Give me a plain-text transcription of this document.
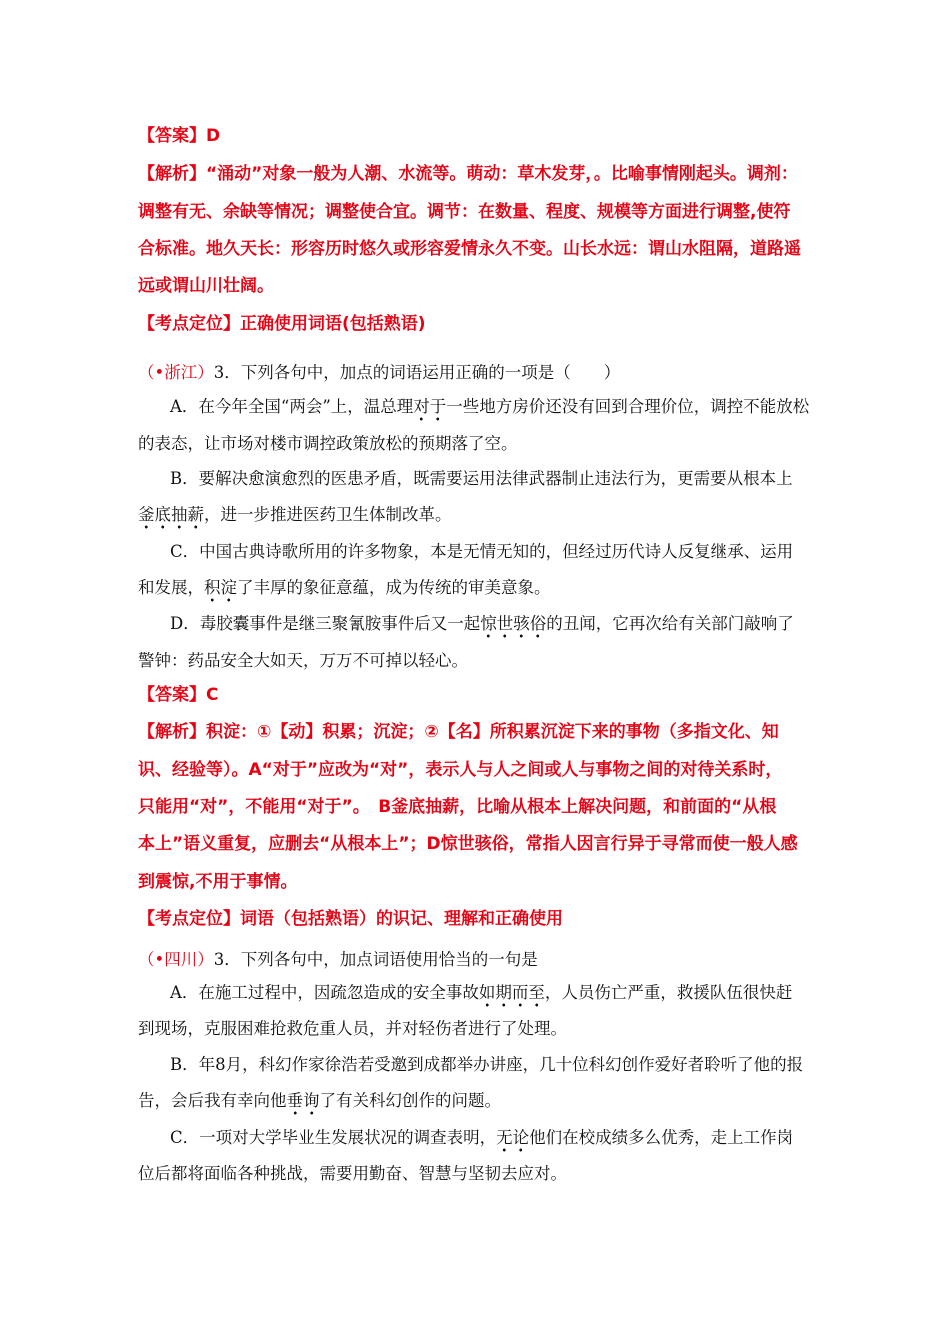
【答案】D
【解析】“涌动”对象一般为人潮、水流等。萌动：草木发芽，。比喻事情刚起头。调剂：
调整有无、余缺等情况；调整使合宜。调节：在数量、程度、规模等方面进行调整,使符
合标准。地久天长：形容历时悠久或形容爱情永久不变。山长水远：谓山水阻隔，道路遥
远或谓山川壮阔。
【考点定位】正确使用词语(包括熟语)
（•浙江）3．下列各句中，加点的词语运用正确的一项是（　　）
A．在今年全国“两会”上，温总理对于一些地方房价还没有回到合理价位，调控不能放松
的表态，让市场对楼市调控政策放松的预期落了空。
B．要解决愈演愈烈的医患矛盾，既需要运用法律武器制止违法行为，更需要从根本上
釜底抽薪，进一步推进医药卫生体制改革。
C．中国古典诗歌所用的许多物象，本是无情无知的，但经过历代诗人反复继承、运用
和发展，积淀了丰厚的象征意蕴，成为传统的审美意象。
D．毒胶囊事件是继三聚氰胺事件后又一起惊世骇俗的丑闻，它再次给有关部门敲响了
警钟：药品安全大如天，万万不可掉以轻心。
【答案】C
【解析】积淀：①【动】积累；沉淀；②【名】所积累沉淀下来的事物（多指文化、知
识、经验等）。A“对于”应改为“对”，表示人与人之间或人与事物之间的对待关系时，
只能用“对”，不能用“对于”。　B釜底抽薪，比喻从根本上解决问题，和前面的“从根
本上”语义重复，应删去“从根本上”；D惊世骇俗，常指人因言行异于寻常而使一般人感
到震惊,不用于事情。
【考点定位】词语（包括熟语）的识记、理解和正确使用
（•四川）3．下列各句中，加点词语使用恰当的一句是
A．在施工过程中，因疏忽造成的安全事故如期而至，人员伤亡严重，救援队伍很快赶
到现场，克服困难抢救危重人员，并对轻伤者进行了处理。
B．年8月，科幻作家徐浩若受邀到成都举办讲座，几十位科幻创作爱好者聆听了他的报
告，会后我有幸向他垂询了有关科幻创作的问题。
C．一项对大学毕业生发展状况的调查表明，无论他们在校成绩多么优秀，走上工作岗
位后都将面临各种挑战，需要用勤奋、智慧与坚韧去应对。
